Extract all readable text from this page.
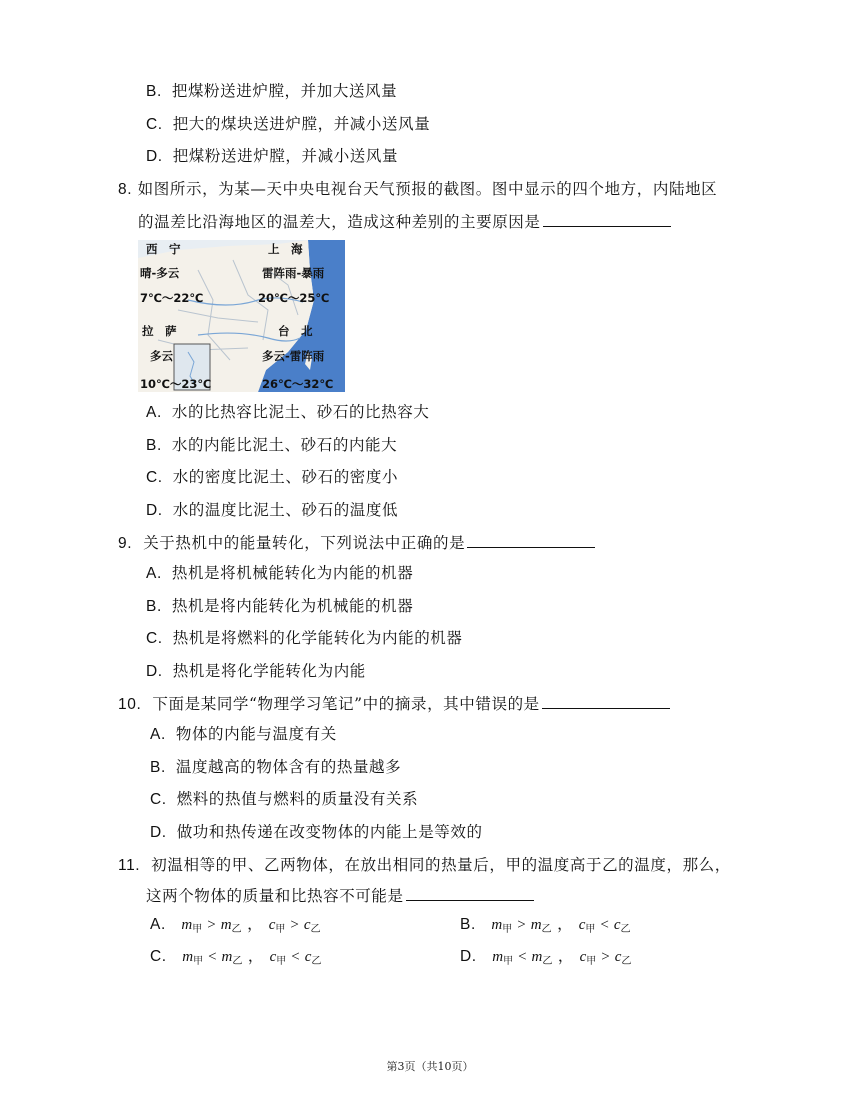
B. 把煤粉送进炉膛，并加大送风量
C. 把大的煤块送进炉膛，并减小送风量
D. 把煤粉送进炉膛，并减小送风量
8. 如图所示，为某—天中央电视台天气预报的截图。图中显示的四个地方，内陆地区
的温差比沿海地区的温差大，造成这种差别的主要原因是
西　宁
晴-多云
7℃～22℃
上　海
雷阵雨-暴雨
20℃～25℃
拉　萨
多云
10℃～23℃
台　北
多云-雷阵雨
26℃～32℃
A. 水的比热容比泥土、砂石的比热容大
B. 水的内能比泥土、砂石的内能大
C. 水的密度比泥土、砂石的密度小
D. 水的温度比泥土、砂石的温度低
9. 关于热机中的能量转化，下列说法中正确的是
A. 热机是将机械能转化为内能的机器
B. 热机是将内能转化为机械能的机器
C. 热机是将燃料的化学能转化为内能的机器
D. 热机是将化学能转化为内能
10. 下面是某同学“物理学习笔记”中的摘录，其中错误的是
A. 物体的内能与温度有关
B. 温度越高的物体含有的热量越多
C. 燃料的热值与燃料的质量没有关系
D. 做功和热传递在改变物体的内能上是等效的
11. 初温相等的甲、乙两物体，在放出相同的热量后，甲的温度高于乙的温度，那么，
这两个物体的质量和比热容不可能是
A. $m_甲 > m_乙$ ， $c_甲 > c_乙$	B. $m_甲 > m_乙$ ， $c_甲 < c_乙$
C. $m_甲 < m_乙$ ， $c_甲 < c_乙$	D. $m_甲 < m_乙$ ， $c_甲 > c_乙$
第3页（共10页）
